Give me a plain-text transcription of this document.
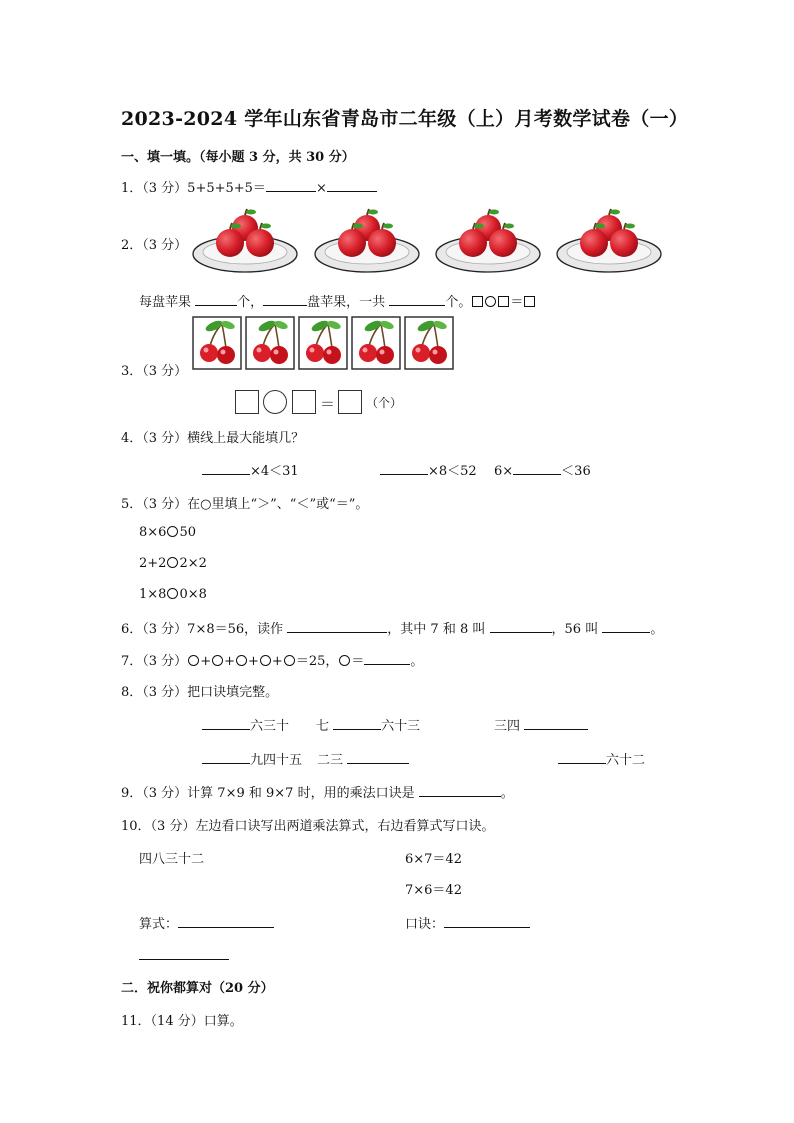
2023-2024 学年山东省青岛市二年级（上）月考数学试卷（一）
一、填一填。（每小题 3 分，共 30 分）
1．（3 分）5+5+5+5＝	×
2．（3 分）
每盘苹果	个，	盘苹果，一共	个。	＝
3．（3 分）
＝	（个）
4．（3 分）横线上最大能填几？
×4＜31	×8＜52 6×	＜36
5．（3 分）在○里填上“＞”、“＜”或“＝”。
8×6 50
2+2 2×2
1×8 0×8
6．（3 分）7×8＝56，读作	，其中 7 和 8 叫	，56 叫	。
7．（3 分） + + + + ＝25， ＝	。
8．（3 分）把口诀填完整。
六三十 七	六十三	三四
九四十五 二三	六十二
9．（3 分）计算 7×9 和 9×7 时，用的乘法口诀是	。
10．（3 分）左边看口诀写出两道乘法算式，右边看算式写口诀。
四八三十二	6×7＝42
7×6＝42
算式：	口诀：
二．祝你都算对（20 分）
11．（14 分）口算。
